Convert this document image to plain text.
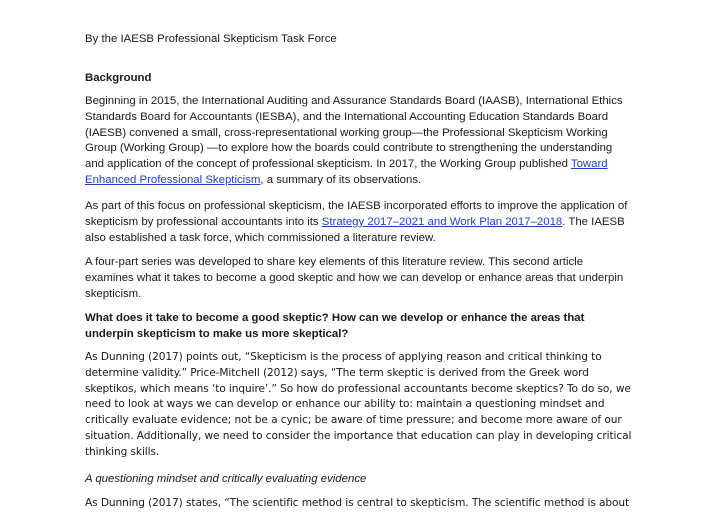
By the IAESB Professional Skepticism Task Force
Background
Beginning in 2015, the International Auditing and Assurance Standards Board (IAASB), International Ethics Standards Board for Accountants (IESBA), and the International Accounting Education Standards Board (IAESB) convened a small, cross-representational working group—the Professional Skepticism Working Group (Working Group) —to explore how the boards could contribute to strengthening the understanding and application of the concept of professional skepticism. In 2017, the Working Group published Toward Enhanced Professional Skepticism, a summary of its observations.
As part of this focus on professional skepticism, the IAESB incorporated efforts to improve the application of skepticism by professional accountants into its Strategy 2017–2021 and Work Plan 2017–2018. The IAESB also established a task force, which commissioned a literature review.
A four-part series was developed to share key elements of this literature review. This second article examines what it takes to become a good skeptic and how we can develop or enhance areas that underpin skepticism.
What does it take to become a good skeptic? How can we develop or enhance the areas that underpin skepticism to make us more skeptical?
As Dunning (2017) points out, “Skepticism is the process of applying reason and critical thinking to determine validity.” Price-Mitchell (2012) says, “The term skeptic is derived from the Greek word skeptikos, which means ‘to inquire’.” So how do professional accountants become skeptics? To do so, we need to look at ways we can develop or enhance our ability to: maintain a questioning mindset and critically evaluate evidence; not be a cynic; be aware of time pressure; and become more aware of our situation. Additionally, we need to consider the importance that education can play in developing critical thinking skills.
A questioning mindset and critically evaluating evidence
As Dunning (2017) states, “The scientific method is central to skepticism. The scientific method is about
